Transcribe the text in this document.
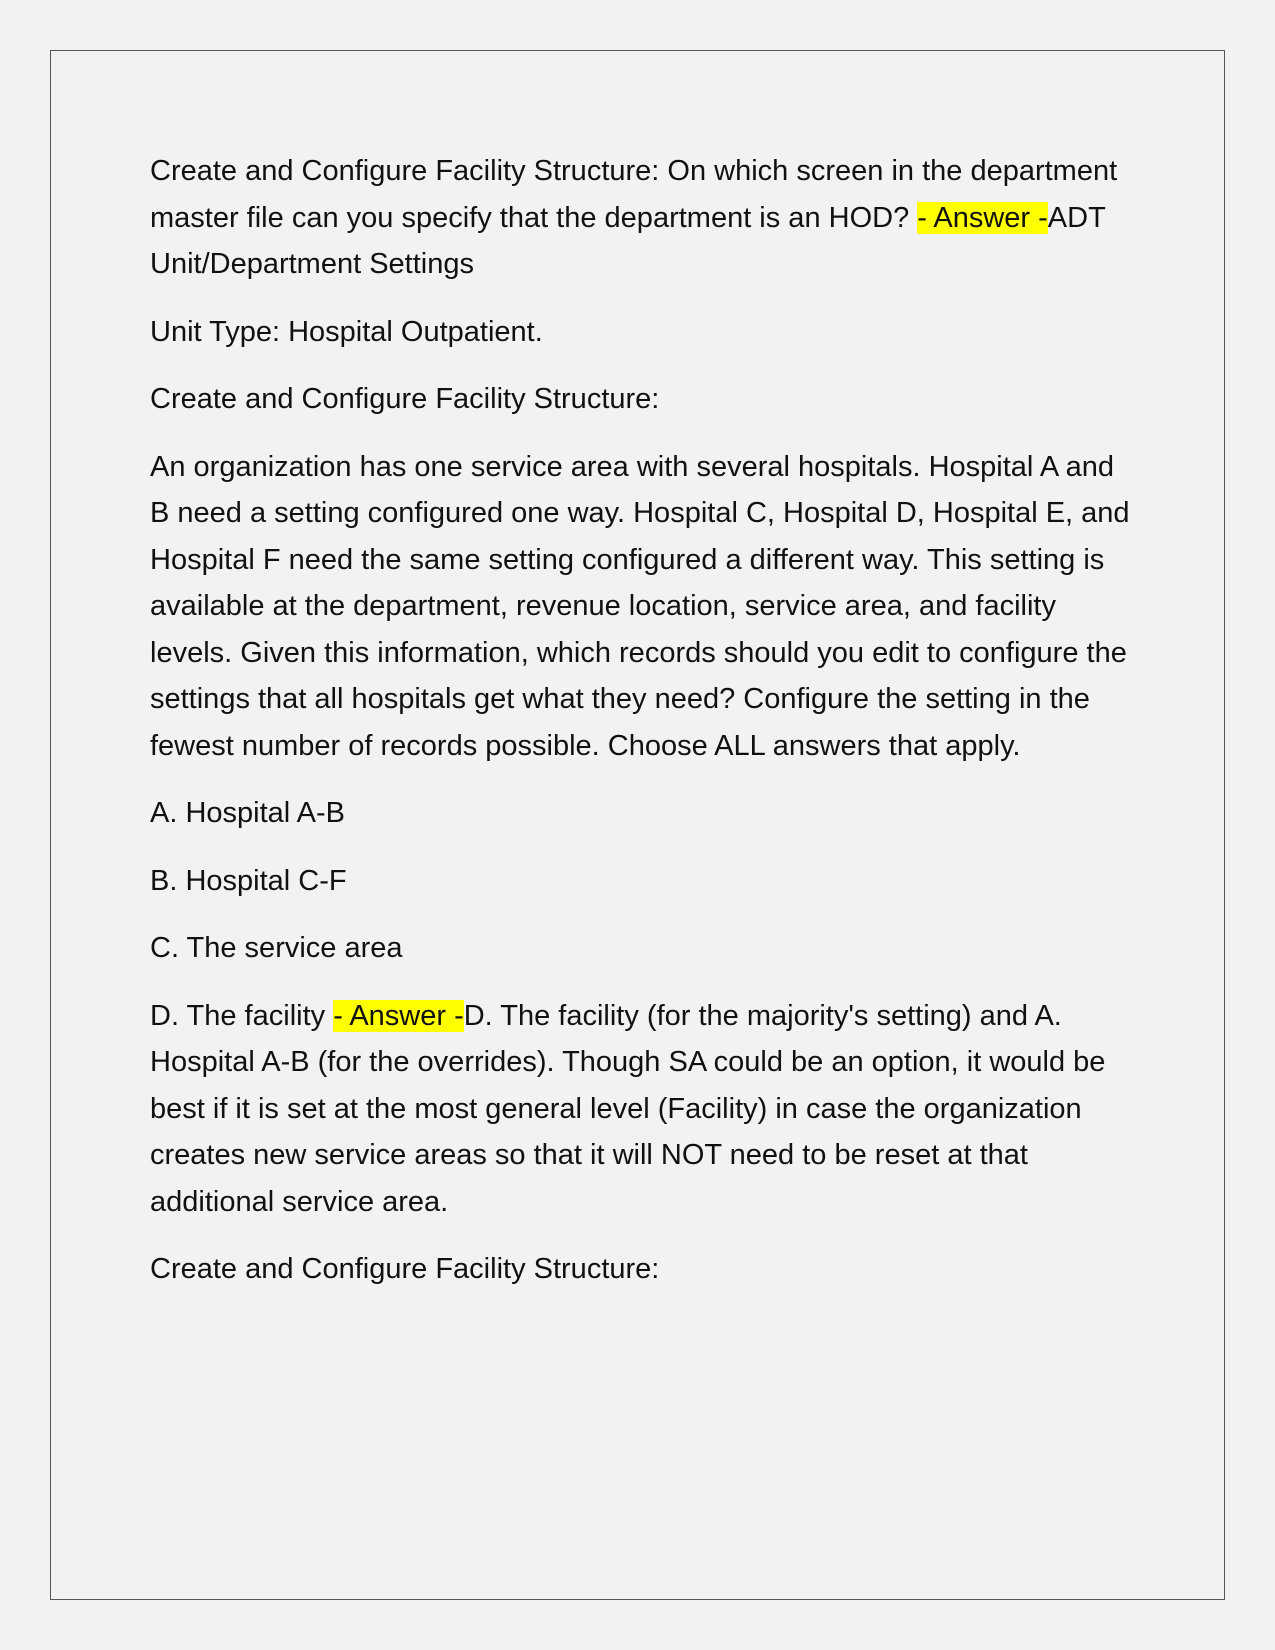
Create and Configure Facility Structure: On which screen in the department master file can you specify that the department is an HOD? - Answer -ADT Unit/Department Settings

Unit Type: Hospital Outpatient.

Create and Configure Facility Structure:

An organization has one service area with several hospitals. Hospital A and B need a setting configured one way. Hospital C, Hospital D, Hospital E, and Hospital F need the same setting configured a different way. This setting is available at the department, revenue location, service area, and facility levels. Given this information, which records should you edit to configure the settings that all hospitals get what they need? Configure the setting in the fewest number of records possible. Choose ALL answers that apply.

A. Hospital A-B

B. Hospital C-F

C. The service area

D. The facility - Answer -D. The facility (for the majority's setting) and A. Hospital A-B (for the overrides). Though SA could be an option, it would be best if it is set at the most general level (Facility) in case the organization creates new service areas so that it will NOT need to be reset at that additional service area.

Create and Configure Facility Structure:
